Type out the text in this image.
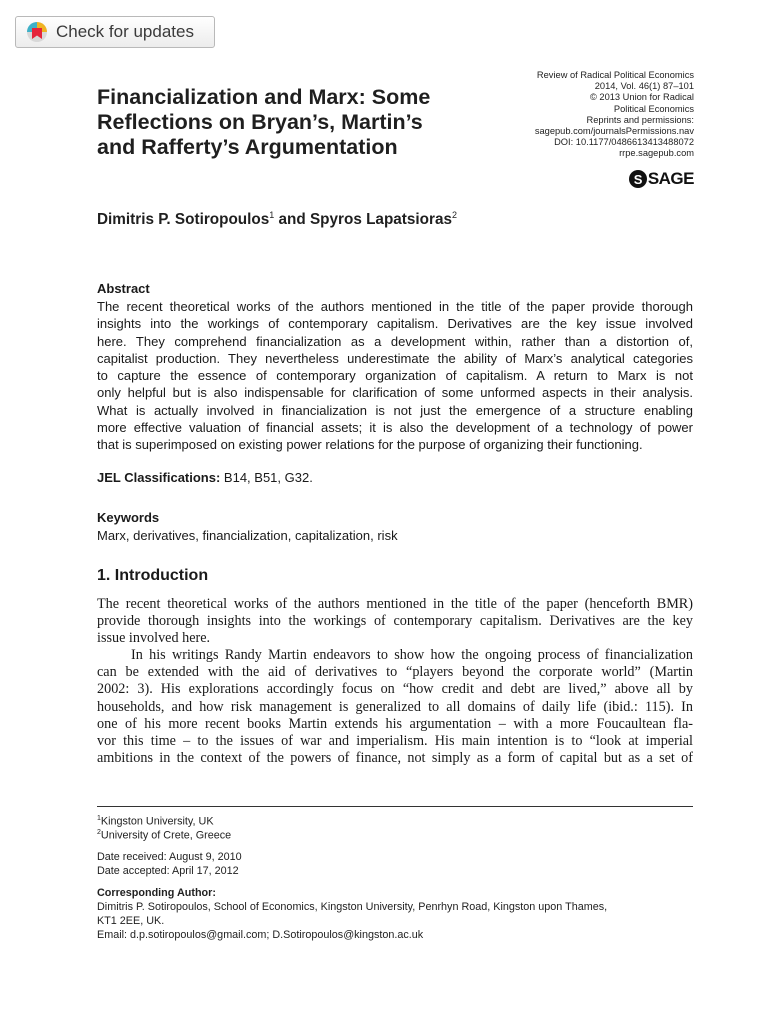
Check for updates
Financialization and Marx: Some
Reflections on Bryan’s, Martin’s
and Rafferty’s Argumentation
Review of Radical Political Economics
2014, Vol. 46(1) 87–101
© 2013 Union for Radical
Political Economics
Reprints and permissions:
sagepub.com/journalsPermissions.nav
DOI: 10.1177/0486613413488072
rrpe.sagepub.com
S SAGE
Dimitris P. Sotiropoulos$^1$ and Spyros Lapatsioras$^2$
Abstract
The recent theoretical works of the authors mentioned in the title of the paper provide thorough
insights into the workings of contemporary capitalism. Derivatives are the key issue involved
here. They comprehend financialization as a development within, rather than a distortion of,
capitalist production. They nevertheless underestimate the ability of Marx’s analytical categories
to capture the essence of contemporary organization of capitalism. A return to Marx is not
only helpful but is also indispensable for clarification of some unformed aspects in their analysis.
What is actually involved in financialization is not just the emergence of a structure enabling
more effective valuation of financial assets; it is also the development of a technology of power
that is superimposed on existing power relations for the purpose of organizing their functioning.
JEL Classifications: B14, B51, G32.
Keywords
Marx, derivatives, financialization, capitalization, risk
1. Introduction
The recent theoretical works of the authors mentioned in the title of the paper (henceforth BMR)
provide thorough insights into the workings of contemporary capitalism. Derivatives are the key
issue involved here.
In his writings Randy Martin endeavors to show how the ongoing process of financialization
can be extended with the aid of derivatives to “players beyond the corporate world” (Martin
2002: 3). His explorations accordingly focus on “how credit and debt are lived,” above all by
households, and how risk management is generalized to all domains of daily life (ibid.: 115). In
one of his more recent books Martin extends his argumentation – with a more Foucaultean fla-
vor this time – to the issues of war and imperialism. His main intention is to “look at imperial
ambitions in the context of the powers of finance, not simply as a form of capital but as a set of
$^1$Kingston University, UK
$^2$University of Crete, Greece
Date received: August 9, 2010
Date accepted: April 17, 2012
Corresponding Author:
Dimitris P. Sotiropoulos, School of Economics, Kingston University, Penrhyn Road, Kingston upon Thames,
KT1 2EE, UK.
Email: d.p.sotiropoulos@gmail.com; D.Sotiropoulos@kingston.ac.uk
